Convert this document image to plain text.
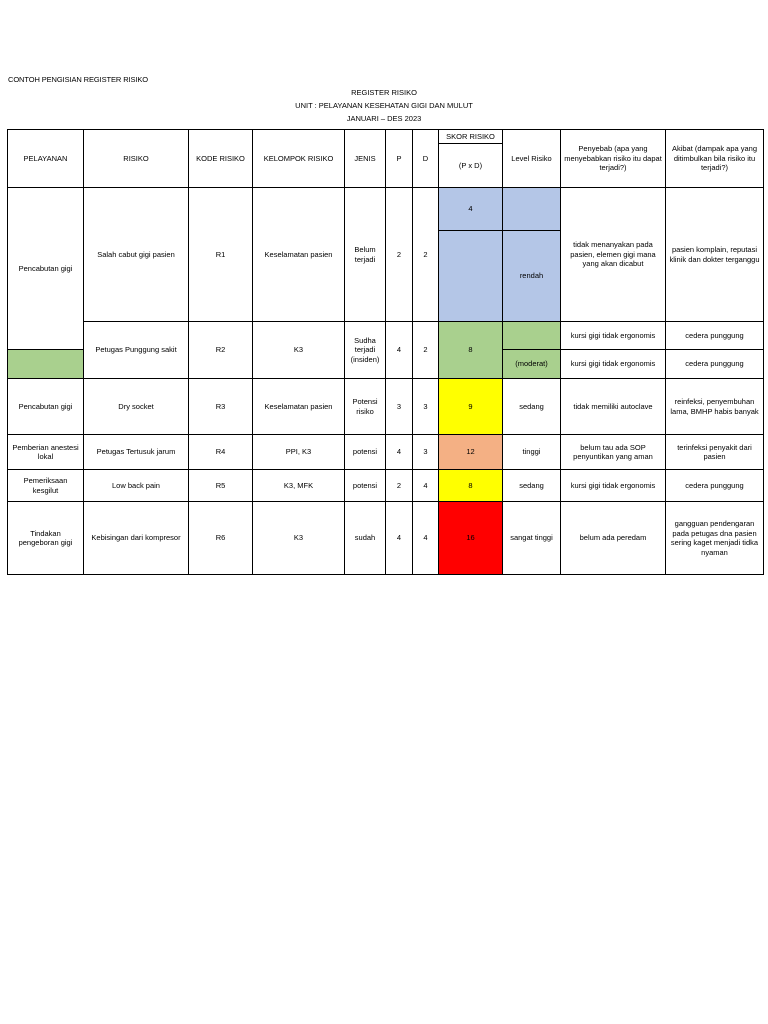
CONTOH PENGISIAN REGISTER RISIKO
REGISTER RISIKO
UNIT : PELAYANAN KESEHATAN GIGI DAN MULUT
JANUARI – DES 2023
PELAYANAN	RISIKO	KODE RISIKO	KELOMPOK RISIKO	JENIS	P	D	SKOR RISIKO	Level Risiko	Penyebab (apa yang menyebabkan risiko itu dapat terjadi?)	Akibat (dampak apa yang ditimbulkan bila risiko itu terjadi?)
							(P x D)			
Pencabutan gigi	Salah cabut gigi pasien	R1	Keselamatan pasien	Belum terjadi	2	2	4		tidak menanyakan pada pasien, elemen gigi mana yang akan dicabut	pasien komplain, reputasi klinik dan dokter terganggu
								rendah		
	Petugas Punggung sakit	R2	K3	Sudha terjadi (insiden)	4	2	8		kursi gigi tidak ergonomis	cedera punggung
								(moderat)	kursi gigi tidak ergonomis	cedera punggung
Pencabutan gigi	Dry socket	R3	Keselamatan pasien	Potensi risiko	3	3	9	sedang	tidak memiliki autoclave	reinfeksi, penyembuhan lama, BMHP habis banyak
Pemberian anestesi lokal	Petugas Tertusuk jarum	R4	PPI, K3	potensi	4	3	12	tinggi	belum tau ada SOP penyuntikan yang aman	terinfeksi penyakit dari pasien
Pemeriksaan kesgilut	Low back pain	R5	K3, MFK	potensi	2	4	8	sedang	kursi gigi tidak ergonomis	cedera punggung
Tindakan pengeboran gigi	Kebisingan dari kompresor	R6	K3	sudah	4	4	16	sangat tinggi	belum ada peredam	gangguan pendengaran pada petugas dna pasien sering kaget menjadi tidka nyaman
